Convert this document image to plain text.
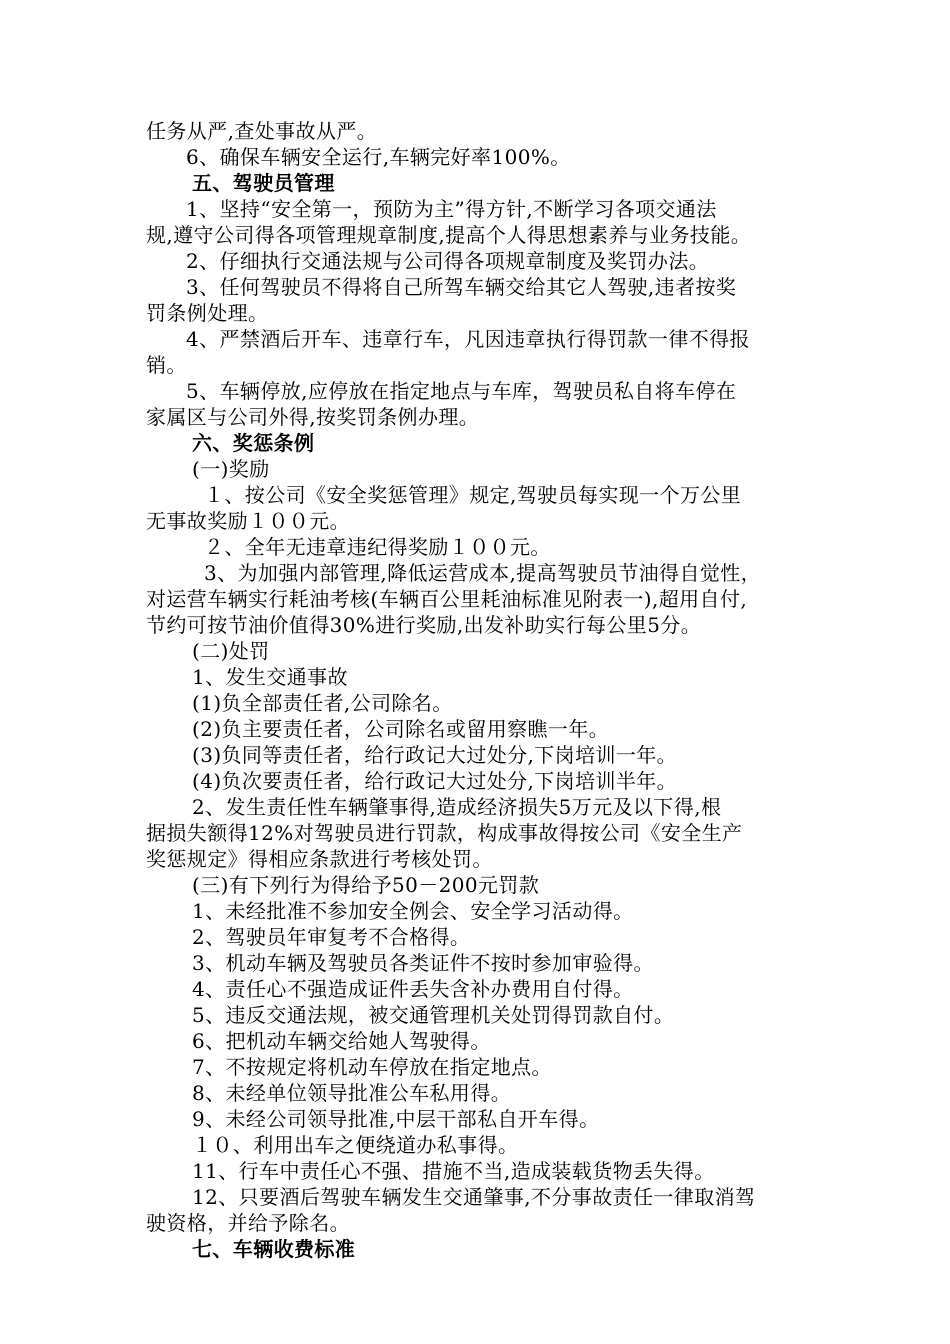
任务从严,查处事故从严。
6、确保车辆安全运行,车辆完好率100%。
五、驾驶员管理
1、坚持“安全第一，预防为主”得方针,不断学习各项交通法
规,遵守公司得各项管理规章制度,提高个人得思想素养与业务技能。
2、仔细执行交通法规与公司得各项规章制度及奖罚办法。
3、任何驾驶员不得将自己所驾车辆交给其它人驾驶,违者按奖
罚条例处理。
4、严禁酒后开车、违章行车，凡因违章执行得罚款一律不得报
销。
5、车辆停放,应停放在指定地点与车库，驾驶员私自将车停在
家属区与公司外得,按奖罚条例办理。
六、奖惩条例
(一)奖励
１、按公司《安全奖惩管理》规定,驾驶员每实现一个万公里
无事故奖励１００元。
２、全年无违章违纪得奖励１００元。
3、为加强内部管理,降低运营成本,提高驾驶员节油得自觉性，
对运营车辆实行耗油考核(车辆百公里耗油标准见附表一),超用自付,
节约可按节油价值得30%进行奖励,出发补助实行每公里5分。
(二)处罚
1、发生交通事故
(1)负全部责任者,公司除名。
(2)负主要责任者，公司除名或留用察瞧一年。
(3)负同等责任者，给行政记大过处分,下岗培训一年。
(4)负次要责任者，给行政记大过处分,下岗培训半年。
2、发生责任性车辆肇事得,造成经济损失5万元及以下得,根
据损失额得12%对驾驶员进行罚款，构成事故得按公司《安全生产
奖惩规定》得相应条款进行考核处罚。
(三)有下列行为得给予50－200元罚款
1、未经批准不参加安全例会、安全学习活动得。
2、驾驶员年审复考不合格得。
3、机动车辆及驾驶员各类证件不按时参加审验得。
4、责任心不强造成证件丢失含补办费用自付得。
5、违反交通法规，被交通管理机关处罚得罚款自付。
6、把机动车辆交给她人驾驶得。
7、不按规定将机动车停放在指定地点。
8、未经单位领导批准公车私用得。
9、未经公司领导批准,中层干部私自开车得。
１０、利用出车之便绕道办私事得。
11、行车中责任心不强、措施不当,造成装载货物丢失得。
12、只要酒后驾驶车辆发生交通肇事,不分事故责任一律取消驾
驶资格，并给予除名。
七、车辆收费标准
